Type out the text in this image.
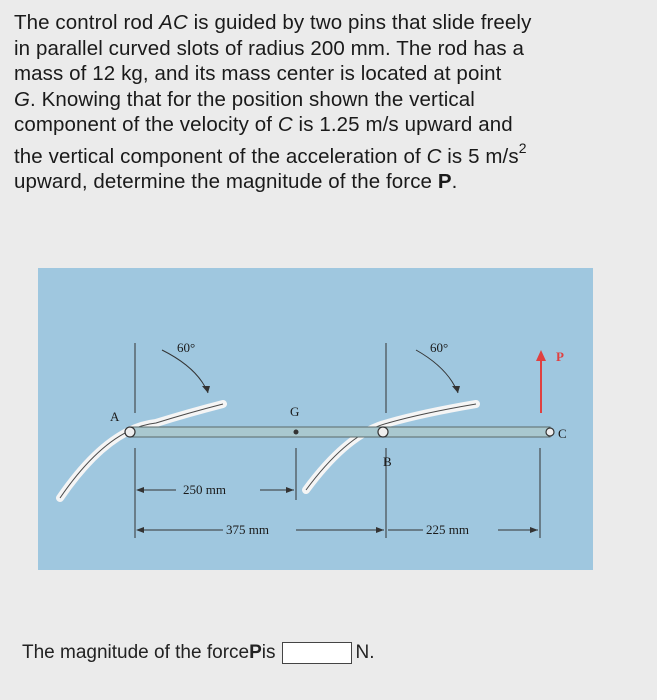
The control rod AC is guided by two pins that slide freely
in parallel curved slots of radius 200 mm. The rod has a
mass of 12 kg, and its mass center is located at point
G. Knowing that for the position shown the vertical
component of the velocity of C is 1.25 m/s upward and
the vertical component of the acceleration of C is 5 $m/s^2$
upward, determine the magnitude of the force P.
60°	60°
A	G
B
C
P
250 mm
375 mm	225 mm
The magnitude of the force P is	N.
